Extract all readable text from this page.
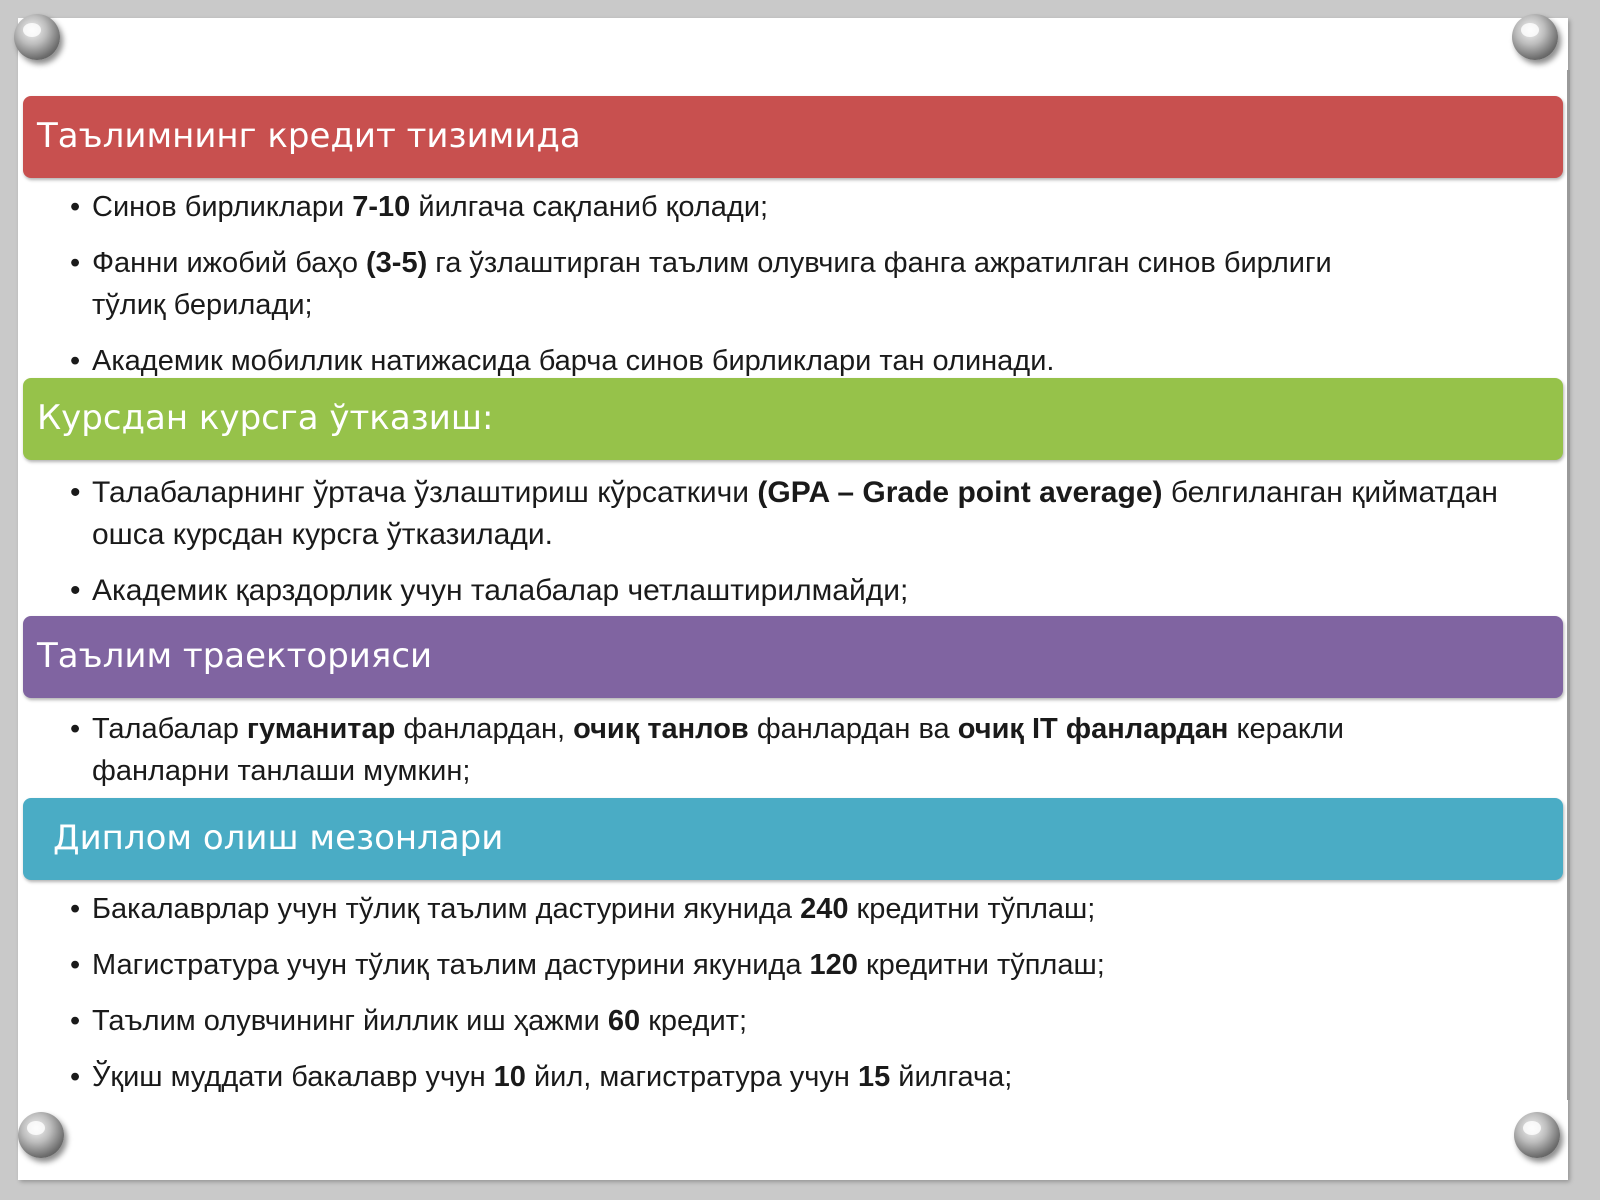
Таълимнинг кредит тизимида
• Синов бирликлари 7-10 йилгача сақланиб қолади;
• Фанни ижобий баҳо (3-5) га ўзлаштирган таълим олувчига фанга ажратилган синов бирлиги тўлиқ берилади;
• Академик мобиллик натижасида барча синов бирликлари тан олинади.
Курсдан курсга ўтказиш:
• Талабаларнинг ўртача ўзлаштириш кўрсаткичи (GPA – Grade point average) белгиланган қийматдан ошса курсдан курсга ўтказилади.
• Академик қарздорлик учун талабалар четлаштирилмайди;
Таълим траекторияси
• Талабалар гуманитар фанлардан, очиқ танлов фанлардан ва очиқ IT фанлардан керакли фанларни танлаши мумкин;
Диплом олиш мезонлари
• Бакалаврлар учун тўлиқ таълим дастурини якунида 240 кредитни тўплаш;
• Магистратура учун тўлиқ таълим дастурини якунида 120 кредитни тўплаш;
• Таълим олувчининг йиллик иш ҳажми 60 кредит;
• Ўқиш муддати бакалавр учун 10 йил, магистратура учун 15 йилгача;
